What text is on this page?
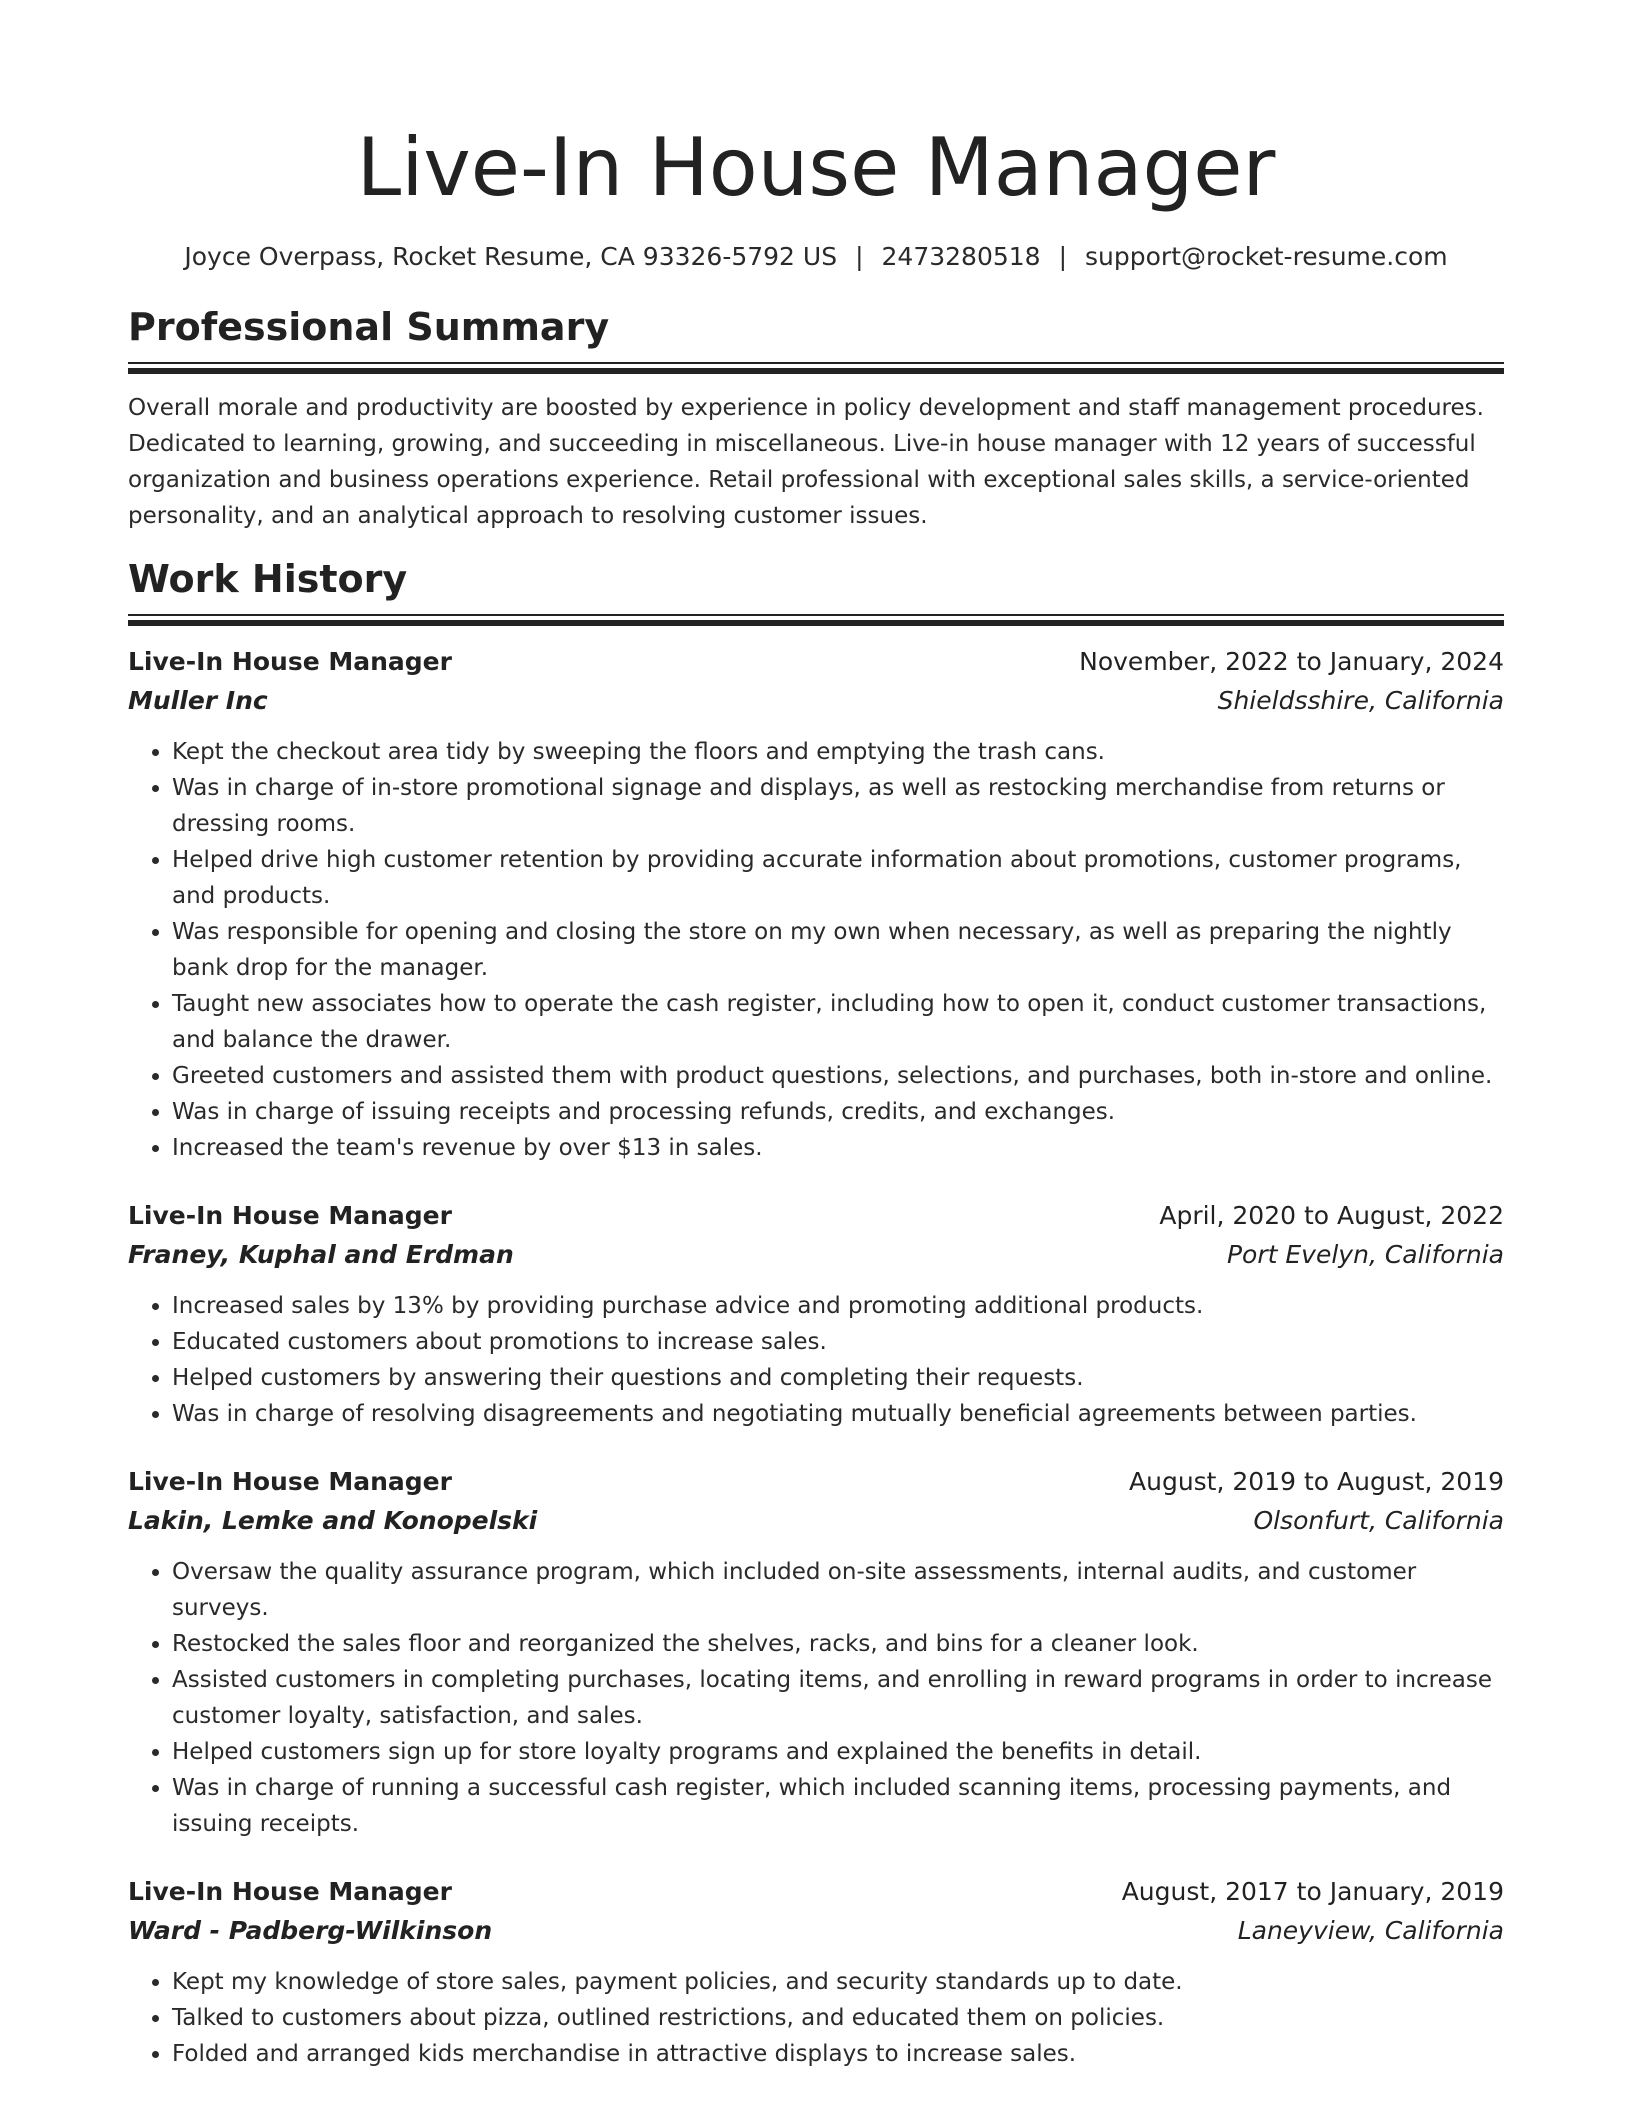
Live-In House Manager
Joyce Overpass, Rocket Resume, CA 93326-5792 US | 2473280518 | support@rocket-resume.com
Professional Summary

Overall morale and productivity are boosted by experience in policy development and staff management procedures. Dedicated to learning, growing, and succeeding in miscellaneous. Live-in house manager with 12 years of successful organization and business operations experience. Retail professional with exceptional sales skills, a service-oriented personality, and an analytical approach to resolving customer issues.

Work History
Live-In House Manager	November, 2022 to January, 2024
Muller Inc	Shieldsshire, California
• Kept the checkout area tidy by sweeping the floors and emptying the trash cans.
• Was in charge of in-store promotional signage and displays, as well as restocking merchandise from returns or dressing rooms.
• Helped drive high customer retention by providing accurate information about promotions, customer programs, and products.
• Was responsible for opening and closing the store on my own when necessary, as well as preparing the nightly bank drop for the manager.
• Taught new associates how to operate the cash register, including how to open it, conduct customer transactions, and balance the drawer.
• Greeted customers and assisted them with product questions, selections, and purchases, both in-store and online.
• Was in charge of issuing receipts and processing refunds, credits, and exchanges.
• Increased the team's revenue by over $13 in sales.
Live-In House Manager	April, 2020 to August, 2022
Franey, Kuphal and Erdman	Port Evelyn, California
• Increased sales by 13% by providing purchase advice and promoting additional products.
• Educated customers about promotions to increase sales.
• Helped customers by answering their questions and completing their requests.
• Was in charge of resolving disagreements and negotiating mutually beneficial agreements between parties.
Live-In House Manager	August, 2019 to August, 2019
Lakin, Lemke and Konopelski	Olsonfurt, California
• Oversaw the quality assurance program, which included on-site assessments, internal audits, and customer surveys.
• Restocked the sales floor and reorganized the shelves, racks, and bins for a cleaner look.
• Assisted customers in completing purchases, locating items, and enrolling in reward programs in order to increase customer loyalty, satisfaction, and sales.
• Helped customers sign up for store loyalty programs and explained the benefits in detail.
• Was in charge of running a successful cash register, which included scanning items, processing payments, and issuing receipts.
Live-In House Manager	August, 2017 to January, 2019
Ward - Padberg-Wilkinson	Laneyview, California
• Kept my knowledge of store sales, payment policies, and security standards up to date.
• Talked to customers about pizza, outlined restrictions, and educated them on policies.
• Folded and arranged kids merchandise in attractive displays to increase sales.
